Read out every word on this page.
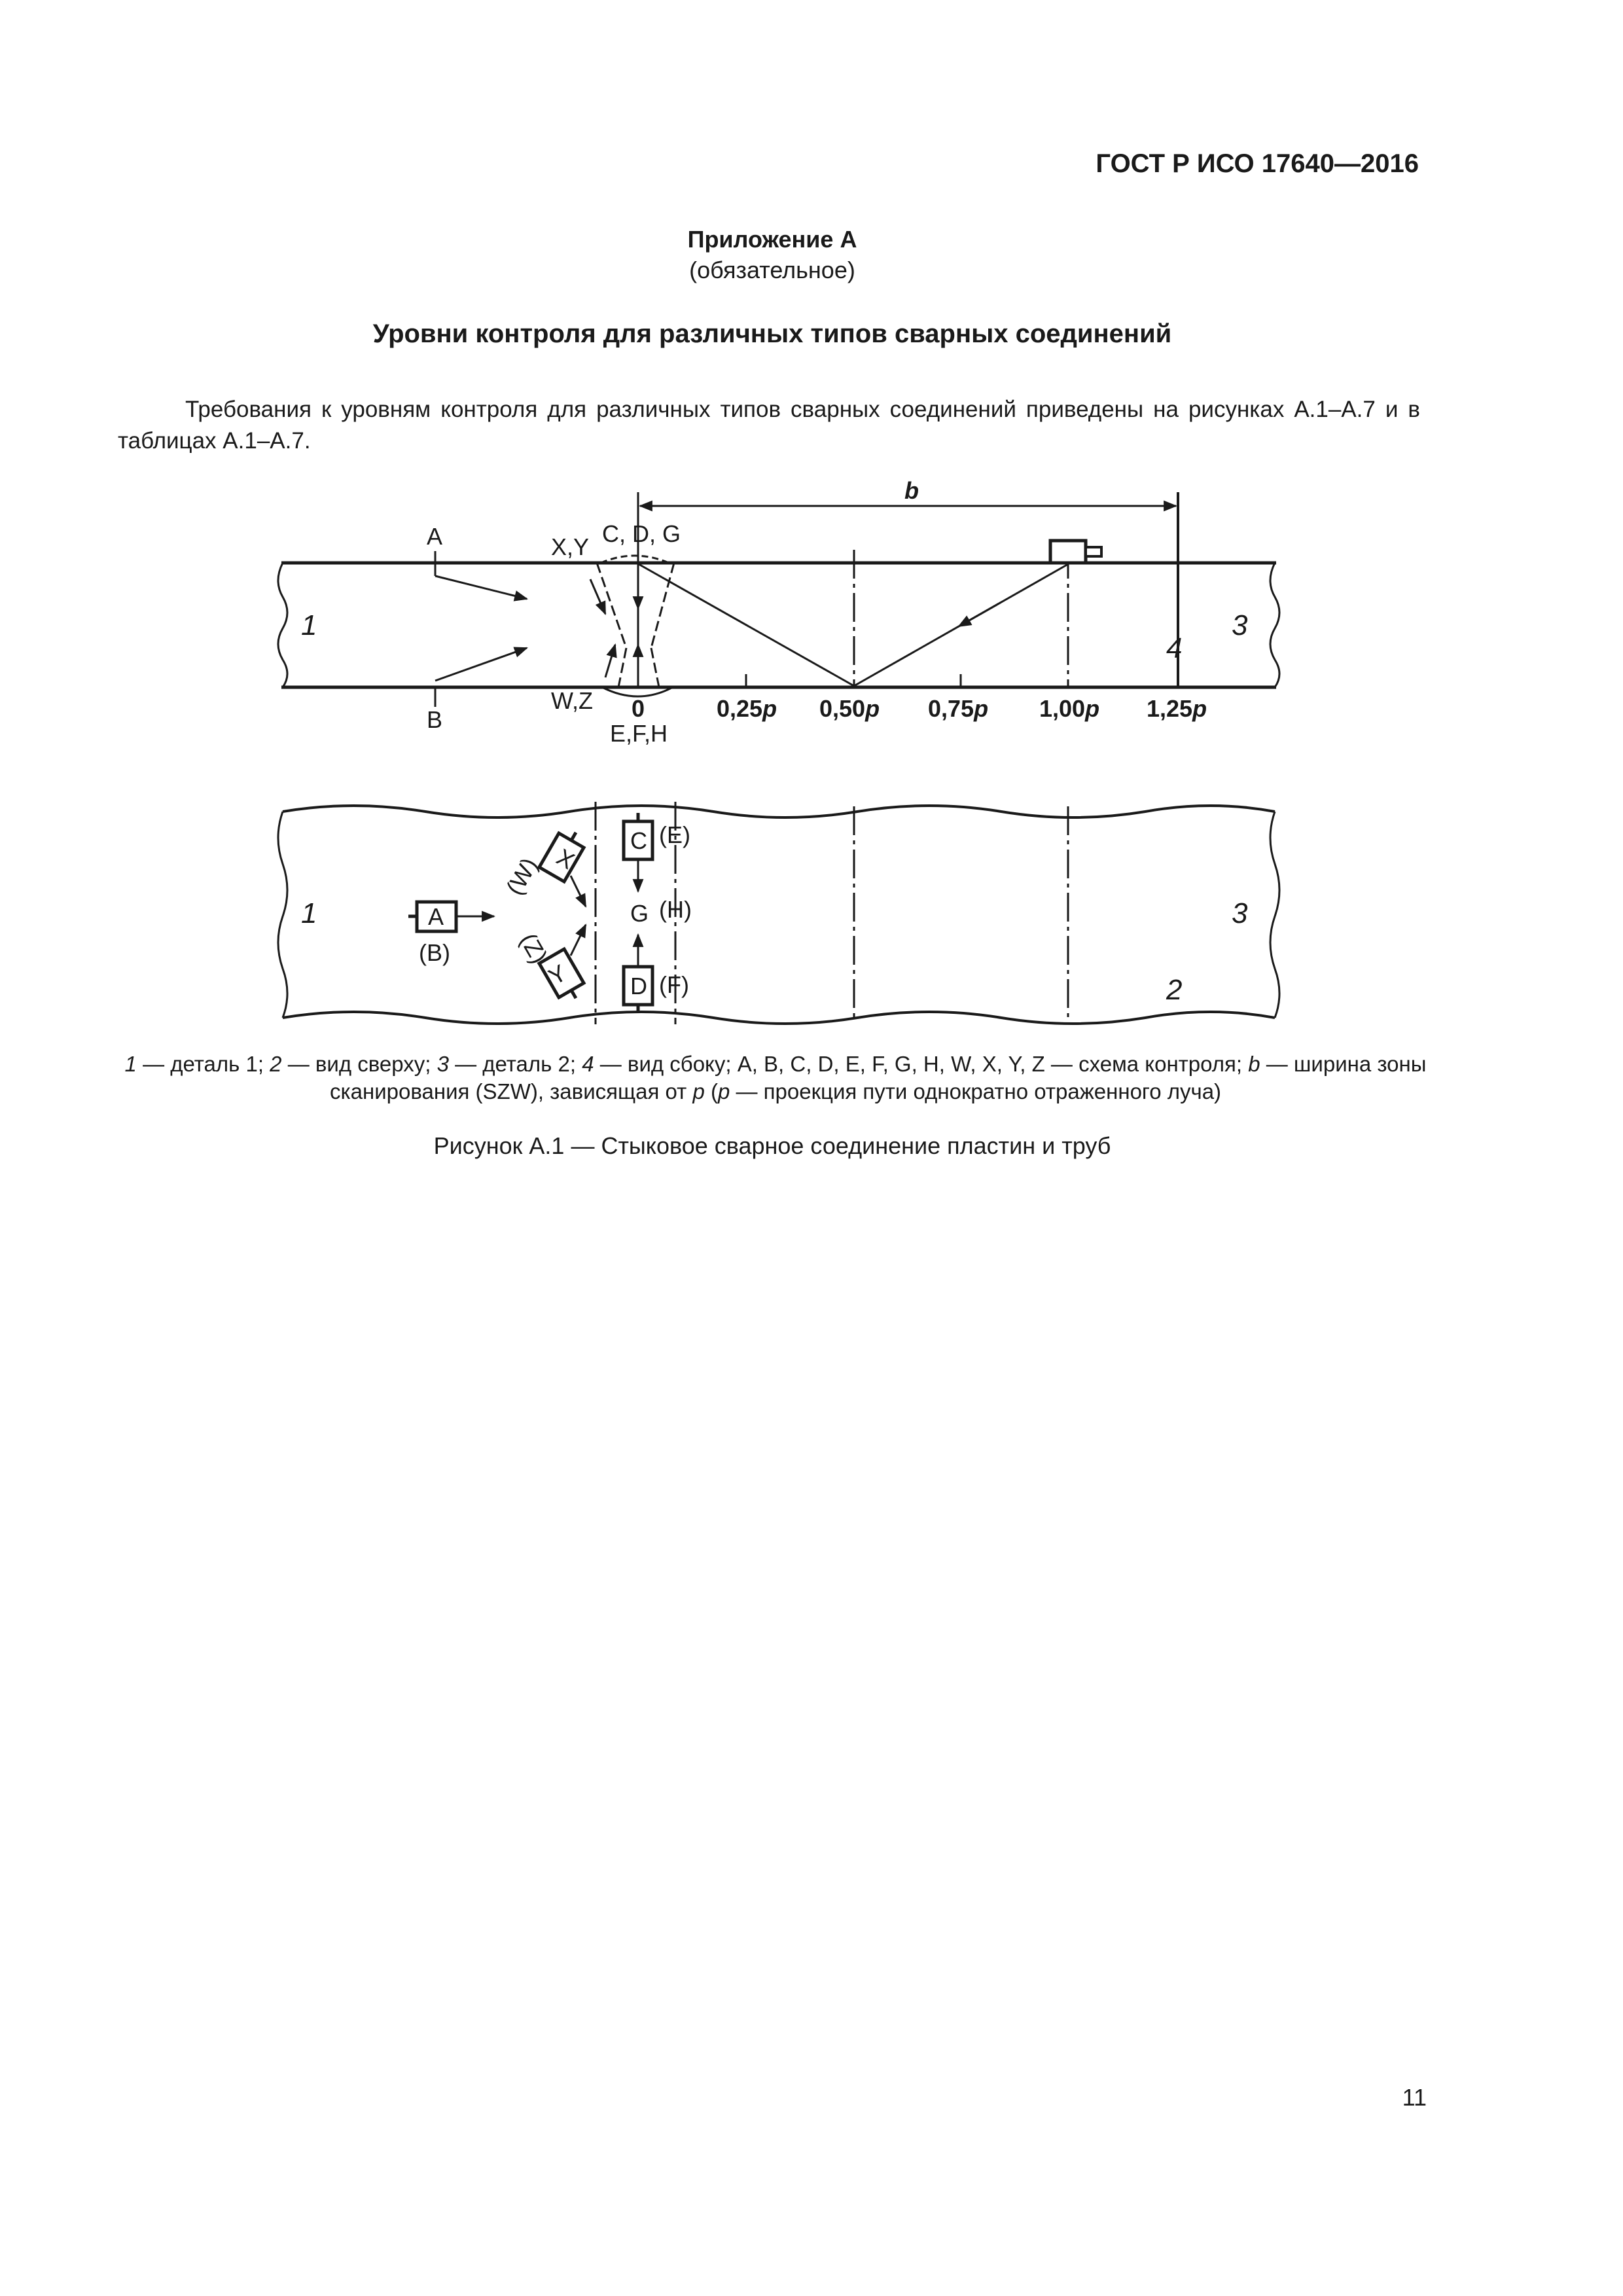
ГОСТ Р ИСО 17640—2016
Приложение А
(обязательное)
Уровни контроля для различных типов сварных соединений
Требования к уровням контроля для различных типов сварных соединений приведены на рисунках А.1–А.7 и в таблицах А.1–А.7.
1	3
4
b
A
B
X,Y C, D, G
W,Z
E,F,H
0	0,25p 0,50p 0,75p 1,00p 1,25p
1	3
2
A
(B)
C (E)
G (H)
D (F)
X
(W)
Y
(Z)
1 — деталь 1; 2 — вид сверху; 3 — деталь 2; 4 — вид сбоку; А, В, С, D, Е, F, G, Н, W, X, Y, Z — схема контроля; b — ширина зоны сканирования (SZW), зависящая от p (p — проекция пути однократно отраженного луча)
Рисунок А.1 — Стыковое сварное соединение пластин и труб
11
